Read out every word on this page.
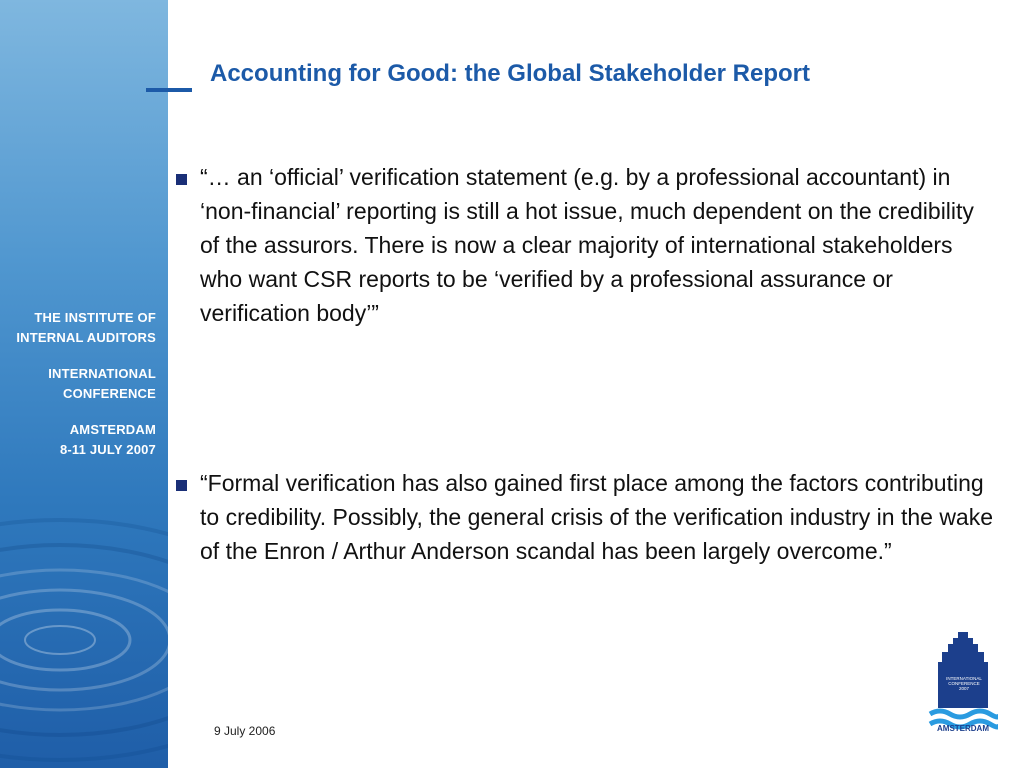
THE INSTITUTE OF
INTERNAL AUDITORS
INTERNATIONAL
CONFERENCE
AMSTERDAM
8-11 JULY 2007
Accounting for Good: the Global Stakeholder Report
“… an ‘official’ verification statement (e.g. by a professional accountant) in ‘non-financial’ reporting is still a hot issue, much dependent on the credibility of the assurors. There is now a clear majority of international stakeholders who want CSR reports to be ‘verified by a professional assurance or verification body’”
“Formal verification has also gained first place among the factors contributing to credibility. Possibly, the general crisis of the verification industry in the wake of the Enron / Arthur Anderson scandal has been largely overcome.”
9 July 2006
INTERNATIONAL
CONFERENCE
2007
AMSTERDAM
